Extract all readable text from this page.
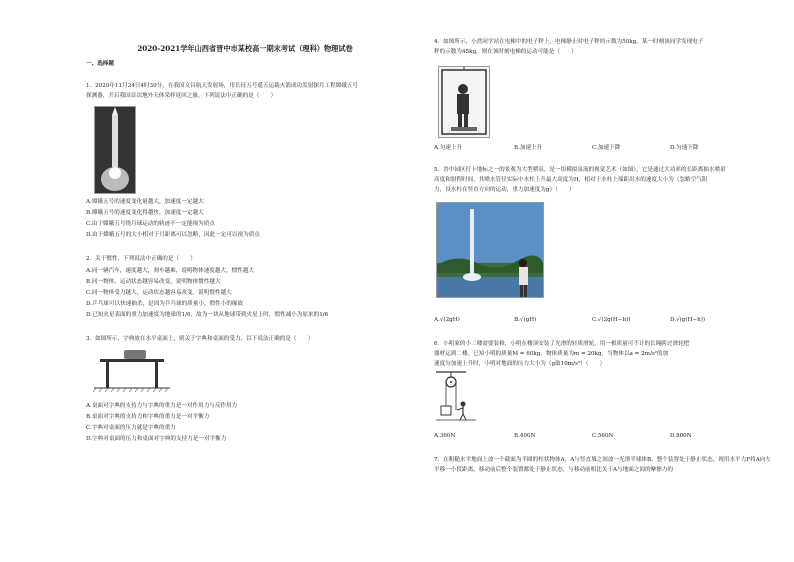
2020-2021学年山西省晋中市某校高一期末考试（理科）物理试卷
一、选择题
1．2020年11月24日4时30分，在我国文昌航天发射场，用长征五号遥五运载火箭成功发射探月工程嫦娥五号
探测器，开启我国首次地外天体采样返回之旅。下列说法中正确的是（　　）
A.嫦娥五号的速度变化量越大，加速度一定越大
B.嫦娥五号的速度变化得越快，加速度一定越大
C.由于嫦娥五号绕月球运动的轨迹不一定能视为质点
D.由于嫦娥五号的大小相对于月距离可以忽略，因此一定可以视为质点
2．关于惯性，下列说法中正确的是（　　）
A.同一辆汽车，速度越大，刹车越难，说明物体速度越大，惯性越大
B.同一物体，运动状态越容易改变，说明物体惯性越大
C.同一物体受力越大，运动状态越容易改变，说明惯性越大
D.乒乓球可以快速抽杀，是因为乒乓球的质量小，惯性小的缘故
D.已知火星表面的重力加速度为地球的1/6，故为一块从地球带到火星上时，惯性减小为原来的1/6
3．如图所示，字典放在水平桌面上，则关于字典和桌面的受力，以下说法正确的是（　　）
A.桌面对字典的支持力与字典的重力是一对作用力与反作用力
B.桌面对字典的支持力和字典的重力是一对平衡力
C.字典对桌面的压力就是字典的重力
D.字典对桌面的压力和桌面对字典的支持力是一对平衡力
4．如图所示，小然同学站在电梯中的电子秤上，电梯静止时电子秤的示数为50kg，某一时刻该同学发现电子
秤的示数为45kg，则在该时刻电梯的运动可能是（　　）
A.匀速上升	B.加速上升	C.加速下降	D.匀速下降
5．晋中园区打卡地标之一的景观为大型喷泉，是一组模拟泉流的视觉艺术（如图），它是通过大功率的长距离抽水喷泉
高度和射程时间，其喷水管径实际中水柱上升最大高度为H，相对于水柱上端距出水的速度大小为（忽略空气阻
力，设水柱在竖直方向的运动，重力加速度为g）（　　）
A.√(2gH)	B.√(gH)	C.√(2g(H−h))	D.√(g(H−h))
6．小明家的小二楼需要装修，小明在楼顶安装了光滑的轻质滑轮，用一根质量可不计的长绳跨过滑轮把
器材运到二楼。已知小明的质量M = 60kg，物体质量为m = 20kg，当物体以a = 2m/s²的加
速度匀加速上升时，小明对地面的压力大小为（g取10m/s²）（　　）
A.360N	B.400N	C.560N	D.800N
7．在粗糙水平地面上放一个截面为半圆的柱状物体A，A与竖直墙之间放一光滑半球体B，整个装置处于静止状态。现用水平力F将A向左
平移一小段距离，移动前后整个装置都处于静止状态，与移动前相比关于A与地面之间的摩擦力的
